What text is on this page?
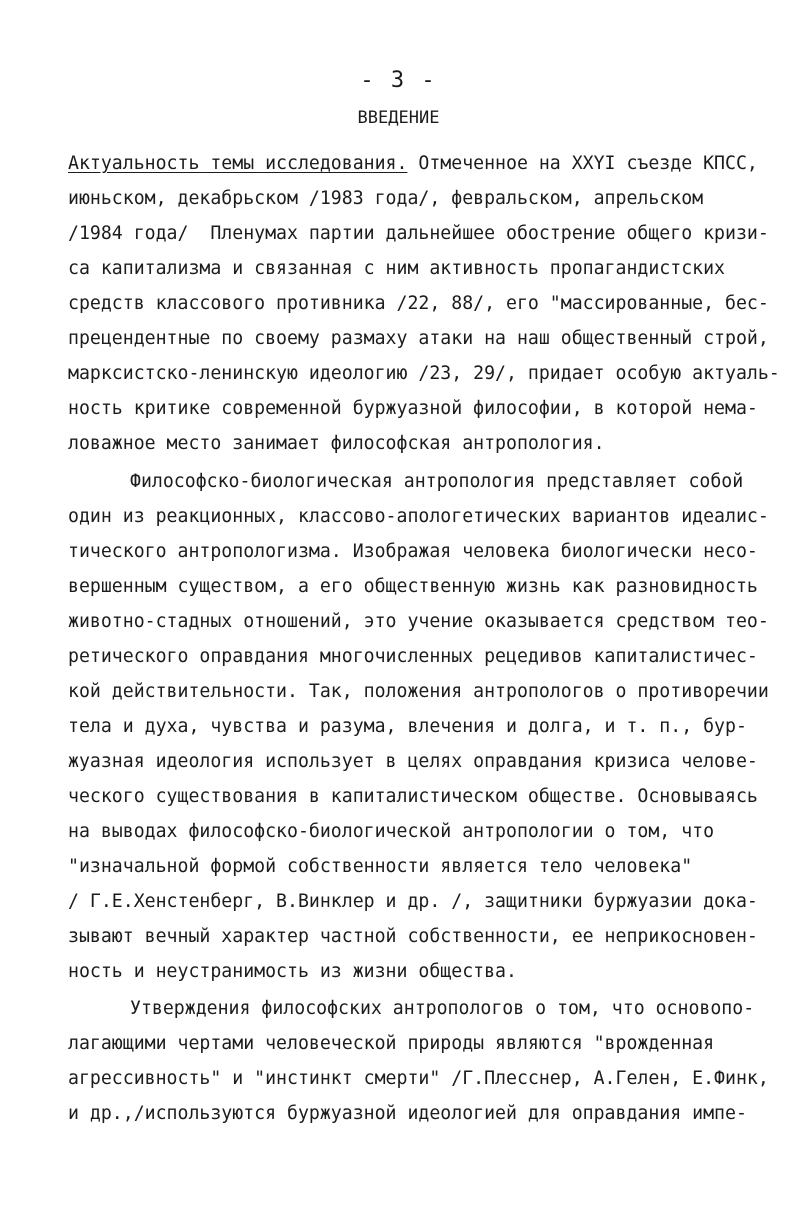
- 3 -
ВВЕДЕНИЕ
Актуальность темы исследования. Отмеченное на XXYI съезде КПСС,
июньском, декабрьском /1983 года/, февральском, апрельском
/1984 года/  Пленумах партии дальнейшее обострение общего кризи-
са капитализма и связанная с ним активность пропагандистских
средств классового противника /22, 88/, его "массированные, бес-
прецендентные по своему размаху атаки на наш общественный строй,
марксистско-ленинскую идеологию /23, 29/, придает особую актуаль-
ность критике современной буржуазной философии, в которой нема-
ловажное место занимает философская антропология.
Философско-биологическая антропология представляет собой
один из реакционных, классово-апологетических вариантов идеалис-
тического антропологизма. Изображая человека биологически несо-
вершенным существом, а его общественную жизнь как разновидность
животно-стадных отношений, это учение оказывается средством тео-
ретического оправдания многочисленных рецедивов капиталистичес-
кой действительности. Так, положения антропологов о противоречии
тела и духа, чувства и разума, влечения и долга, и т. п., бур-
жуазная идеология использует в целях оправдания кризиса челове-
ческого существования в капиталистическом обществе. Основываясь
на выводах философско-биологической антропологии о том, что
"изначальной формой собственности является тело человека"
/ Г.Е.Хенстенберг, В.Винклер и др. /, защитники буржуазии дока-
зывают вечный характер частной собственности, ее неприкосновен-
ность и неустранимость из жизни общества.
Утверждения философских антропологов о том, что основопо-
лагающими чертами человеческой природы являются "врожденная
агрессивность" и "инстинкт смерти" /Г.Плесснер, А.Гелен, Е.Финк,
и др.,/используются буржуазной идеологией для оправдания импе-
